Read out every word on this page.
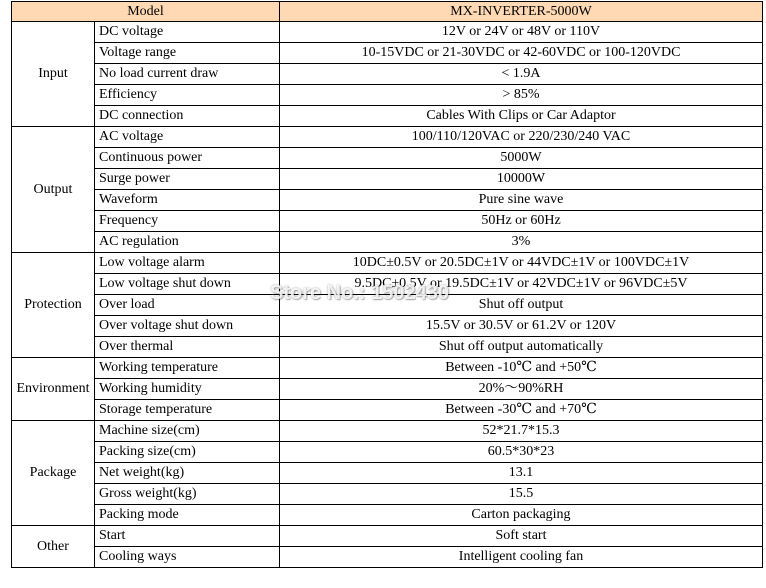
Model		MX-INVERTER-5000W
Input	DC voltage	12V or 24V or 48V or 110V
	Voltage range	10-15VDC or 21-30VDC or 42-60VDC or 100-120VDC
	No load current draw	< 1.9A
	Efficiency	> 85%
	DC connection	Cables With Clips or Car Adaptor
Output	AC voltage	100/110/120VAC or 220/230/240 VAC
	Continuous power	5000W
	Surge power	10000W
	Waveform	Pure sine wave
	Frequency	50Hz or 60Hz
	AC regulation	3%
Protection	Low voltage alarm	10DC±0.5V or 20.5DC±1V or 44VDC±1V or 100VDC±1V
	Low voltage shut down	9.5DC±0.5V or 19.5DC±1V or 42VDC±1V or 96VDC±5V
	Over load	Shut off output
	Over voltage shut down	15.5V or 30.5V or 61.2V or 120V
	Over thermal	Shut off output automatically
Environment	Working temperature	Between -10℃ and +50℃
	Working humidity	20%～90%RH
	Storage temperature	Between -30℃ and +70℃
Package	Machine size(cm)	52*21.7*15.3
	Packing size(cm)	60.5*30*23
	Net weight(kg)	13.1
	Gross weight(kg)	15.5
	Packing mode	Carton packaging
Other	Start	Soft start
	Cooling ways	Intelligent cooling fan
Store No.: 1502430
